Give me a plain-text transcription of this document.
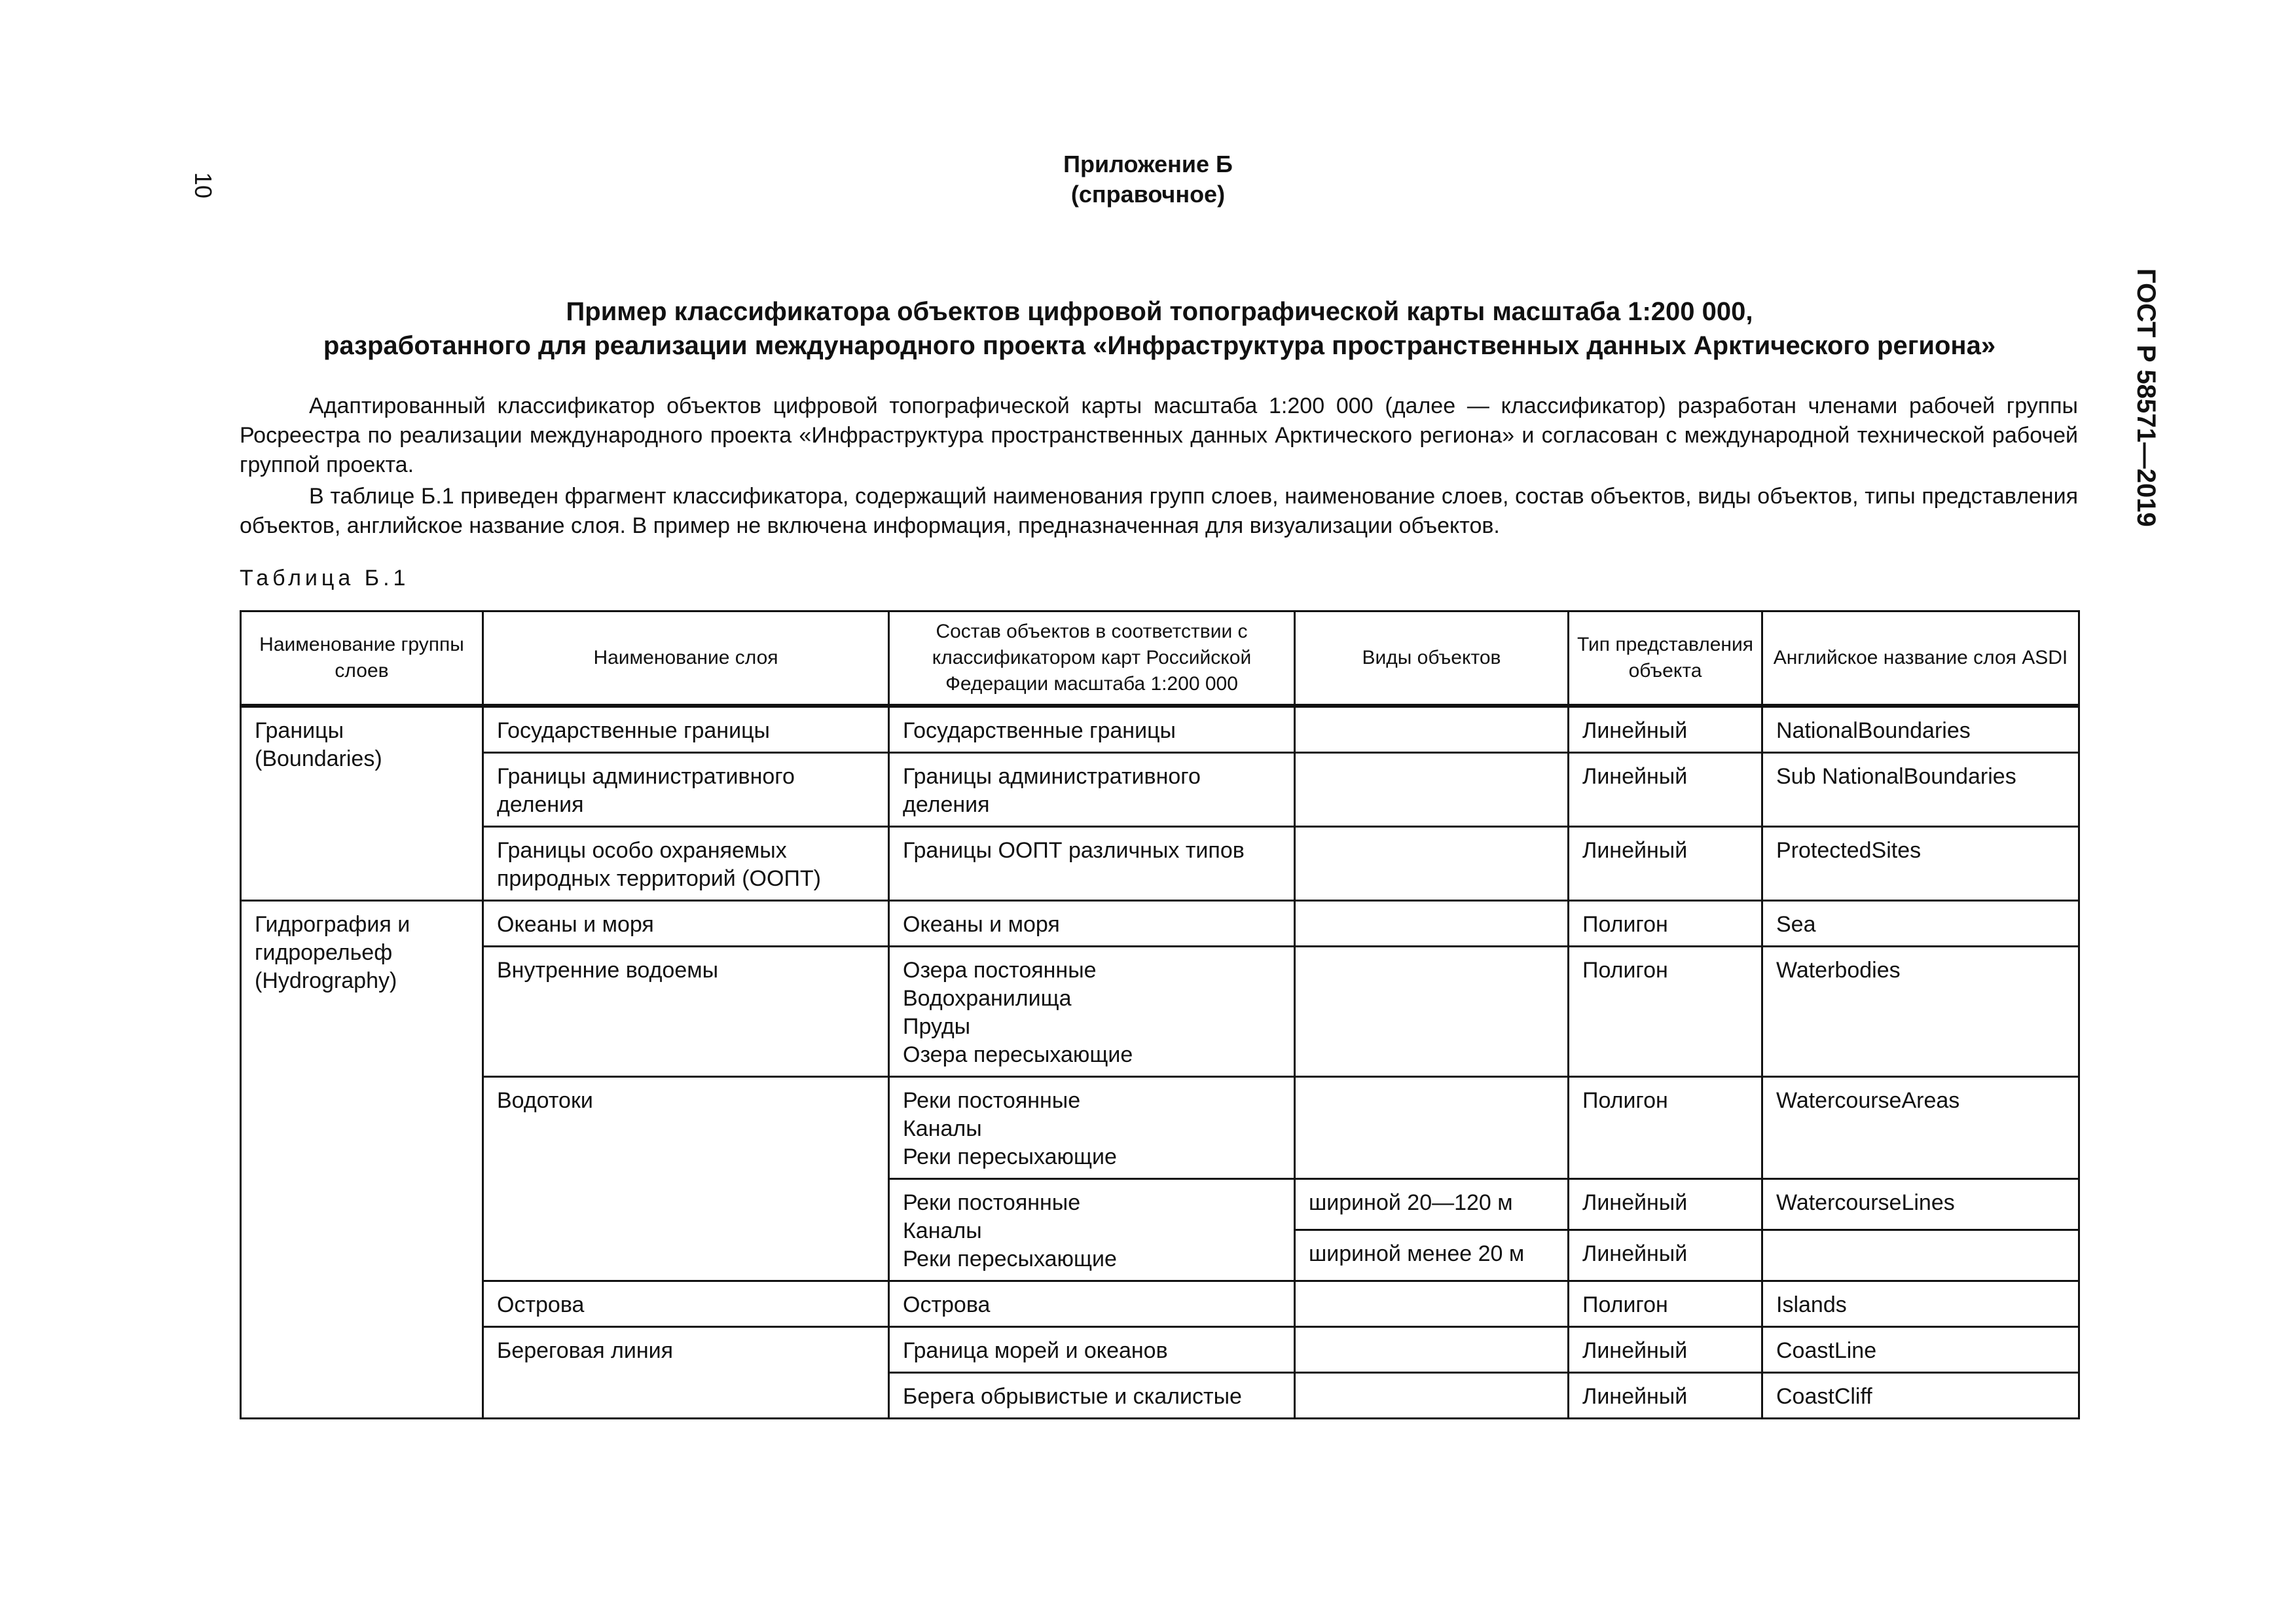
10
ГОСТ Р 58571—2019
Приложение Б
(справочное)
Пример классификатора объектов цифровой топографической карты масштаба 1:200 000,
разработанного для реализации международного проекта «Инфраструктура пространственных данных Арктического региона»
Адаптированный классификатор объектов цифровой топографической карты масштаба 1:200 000 (далее — классификатор) разработан членами рабочей группы Росреестра по реализации международного проекта «Инфраструктура пространственных данных Арктического региона» и согласован с международной технической рабочей группой проекта.
В таблице Б.1 приведен фрагмент классификатора, содержащий наименования групп слоев, наименование слоев, состав объектов, виды объектов, типы представления объектов, английское название слоя. В пример не включена информация, предназначенная для визуализации объектов.
Таблица Б.1
Наименование группы слоев	Наименование слоя	Состав объектов в соответствии с классификатором карт Российской Федерации масштаба 1:200 000	Виды объектов	Тип представления объекта	Английское название слоя ASDI
Границы (Boundaries)	Государственные границы	Государственные границы		Линейный	NationalBoundaries
	Границы административного деления	Границы административного деления		Линейный	Sub NationalBoundaries
	Границы особо охраняемых природных территорий (ООПТ)	Границы ООПТ различных типов		Линейный	ProtectedSites
Гидрография и гидрорельеф (Hydrography)	Океаны и моря	Океаны и моря		Полигон	Sea
	Внутренние водоемы	Озера постоянные
Водохранилища
Пруды
Озера пересыхающие		Полигон	Waterbodies
	Водотоки	Реки постоянные
Каналы
Реки пересыхающие		Полигон	WatercourseAreas

		Реки постоянные
Каналы
Реки пересыхающие	шириной 20—120 м	Линейный	WatercourseLines
			шириной менее 20 м	Линейный	
	Острова	Острова		Полигон	Islands
	Береговая линия	Граница морей и океанов		Линейный	CoastLine
		Берега обрывистые и скалистые		Линейный	CoastCliff
